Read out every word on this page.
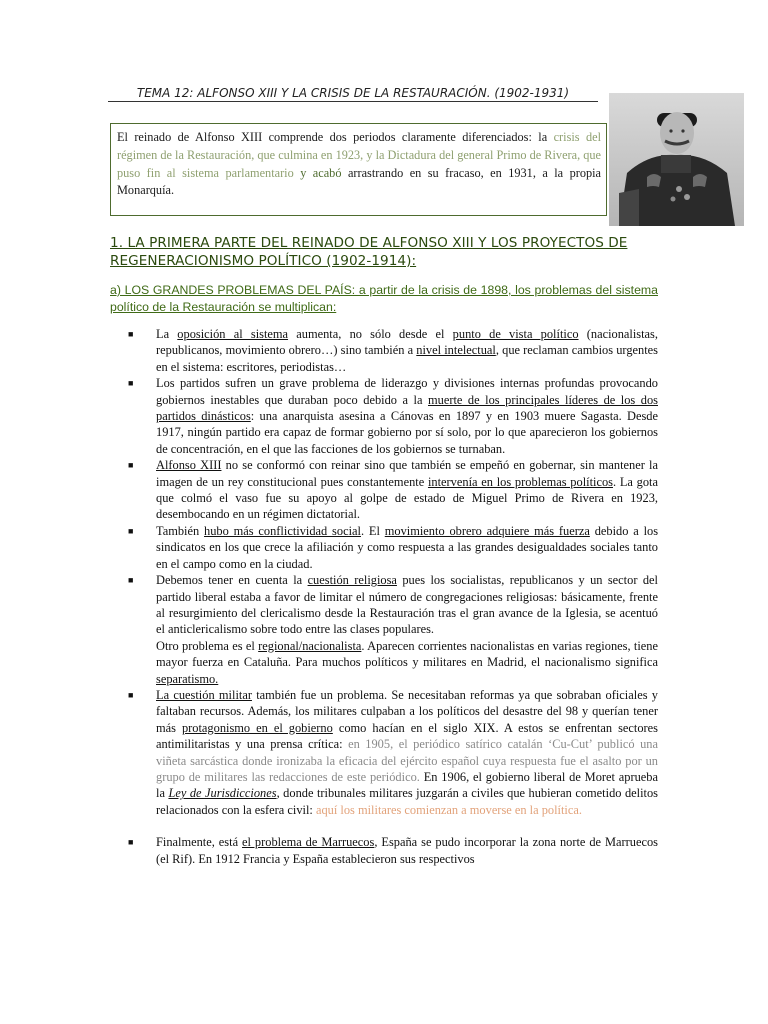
TEMA 12: ALFONSO XIII Y LA CRISIS DE LA RESTAURACIÓN. (1902-1931)
El reinado de Alfonso XIII comprende dos periodos claramente diferenciados: la crisis del régimen de la Restauración, que culmina en 1923, y la Dictadura del general Primo de Rivera, que puso fin al sistema parlamentario y acabó arrastrando en su fracaso, en 1931, a la propia Monarquía.
1. LA PRIMERA PARTE DEL REINADO DE ALFONSO XIII Y LOS PROYECTOS DE REGENERACIONISMO POLÍTICO (1902-1914):
a) LOS GRANDES PROBLEMAS DEL PAÍS: a partir de la crisis de 1898, los problemas del sistema político de la Restauración se multiplican:
■ La oposición al sistema aumenta, no sólo desde el punto de vista político (nacionalistas, republicanos, movimiento obrero…) sino también a nivel intelectual, que reclaman cambios urgentes en el sistema: escritores, periodistas…
■ Los partidos sufren un grave problema de liderazgo y divisiones internas profundas provocando gobiernos inestables que duraban poco debido a la muerte de los principales líderes de los dos partidos dinásticos: una anarquista asesina a Cánovas en 1897 y en 1903 muere Sagasta. Desde 1917, ningún partido era capaz de formar gobierno por sí solo, por lo que aparecieron los gobiernos de concentración, en el que las facciones de los gobiernos se turnaban.
■ Alfonso XIII no se conformó con reinar sino que también se empeñó en gobernar, sin mantener la imagen de un rey constitucional pues constantemente intervenía en los problemas políticos. La gota que colmó el vaso fue su apoyo al golpe de estado de Miguel Primo de Rivera en 1923, desembocando en un régimen dictatorial.
■ También hubo más conflictividad social. El movimiento obrero adquiere más fuerza debido a los sindicatos en los que crece la afiliación y como respuesta a las grandes desigualdades sociales tanto en el campo como en la ciudad.
■ Debemos tener en cuenta la cuestión religiosa pues los socialistas, republicanos y un sector del partido liberal estaba a favor de limitar el número de congregaciones religiosas: básicamente, frente al resurgimiento del clericalismo desde la Restauración tras el gran avance de la Iglesia, se acentuó el anticlericalismo sobre todo entre las clases populares.
Otro problema es el regional/nacionalista. Aparecen corrientes nacionalistas en varias regiones, tiene mayor fuerza en Cataluña. Para muchos políticos y militares en Madrid, el nacionalismo significa separatismo.
■ La cuestión militar también fue un problema. Se necesitaban reformas ya que sobraban oficiales y faltaban recursos. Además, los militares culpaban a los políticos del desastre del 98 y querían tener más protagonismo en el gobierno como hacían en el siglo XIX. A estos se enfrentan sectores antimilitaristas y una prensa crítica: en 1905, el periódico satírico catalán ‘Cu-Cut’ publicó una viñeta sarcástica donde ironizaba la eficacia del ejército español cuya respuesta fue el asalto por un grupo de militares las redacciones de este periódico. En 1906, el gobierno liberal de Moret aprueba la Ley de Jurisdicciones, donde tribunales militares juzgarán a civiles que hubieran cometido delitos relacionados con la esfera civil: aquí los militares comienzan a moverse en la política.
■ Finalmente, está el problema de Marruecos, España se pudo incorporar la zona norte de Marruecos (el Rif). En 1912 Francia y España establecieron sus respectivos
